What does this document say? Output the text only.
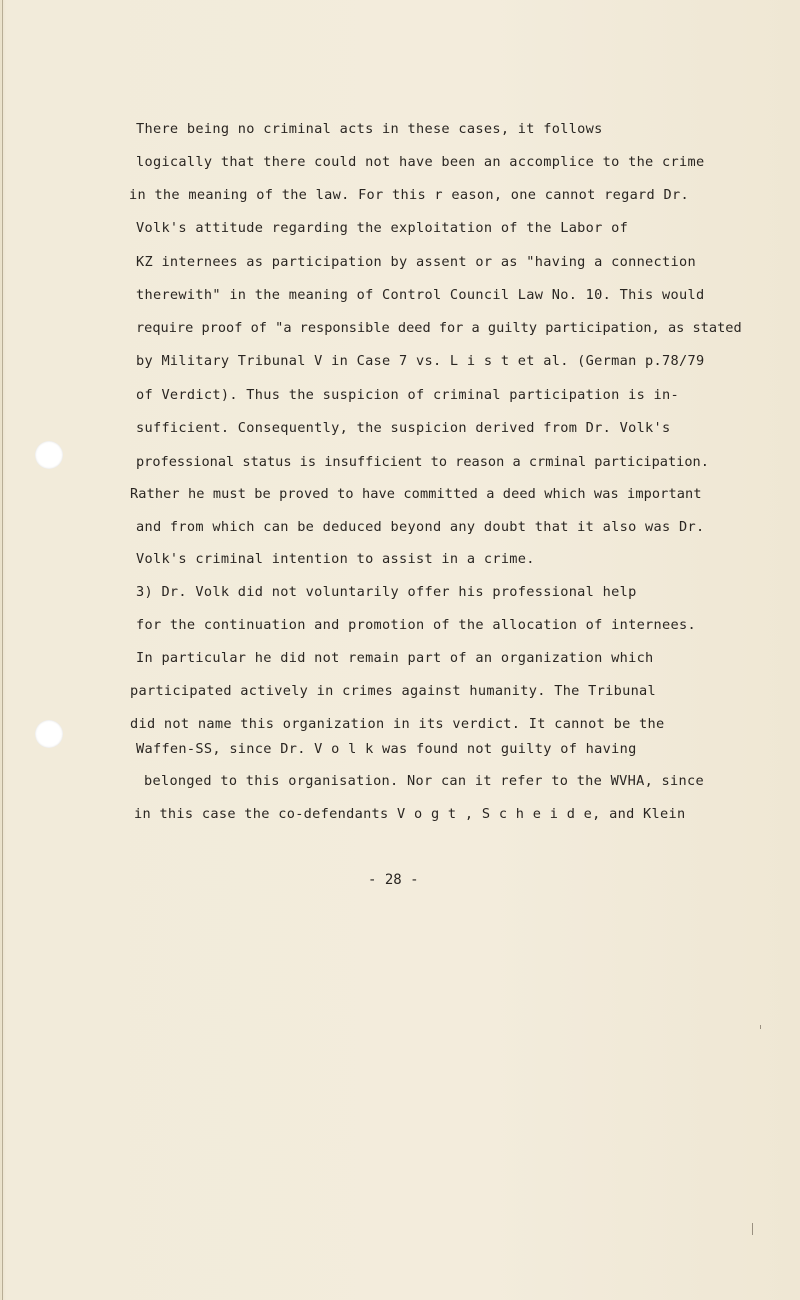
There being no criminal acts in these cases, it follows
logically that there could not have been an accomplice to the crime
in the meaning of the law. For this r eason, one cannot regard Dr.
Volk's attitude regarding the exploitation of the Labor of
KZ internees as participation by assent or as "having a connection
therewith" in the meaning of Control Council Law No. 10. This would
require proof of "a responsible deed for a guilty participation, as stated
by Military Tribunal V in Case 7 vs. L i s t et al. (German p.78/79
of Verdict). Thus the suspicion of criminal participation is in-
sufficient. Consequently, the suspicion derived from Dr. Volk's
professional status is insufficient to reason a crminal participation.
Rather he must be proved to have committed a deed which was important
and from which can be deduced beyond any doubt that it also was Dr.
Volk's criminal intention to assist in a crime.
3) Dr. Volk did not voluntarily offer his professional help
for the continuation and promotion of the allocation of internees.
In particular he did not remain part of an organization which
participated actively in crimes against humanity. The Tribunal
did not name this organization in its verdict. It cannot be the
Waffen-SS, since Dr. V o l k was found not guilty of having
belonged to this organisation. Nor can it refer to the WVHA, since
in this case the co-defendants V o g t , S c h e i d e, and Klein
- 28 -
